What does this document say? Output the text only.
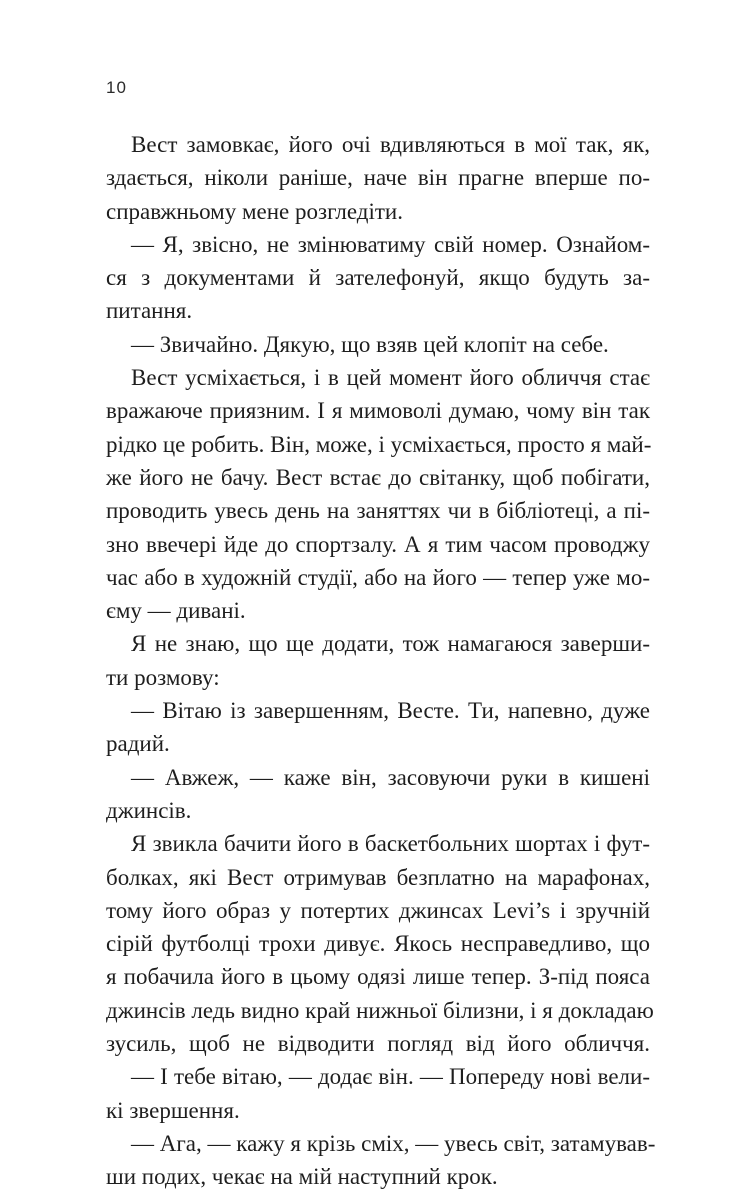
10
Вест замовкає, його очі вдивляються в мої так, як,
здається, ніколи раніше, наче він прагне вперше по-
справжньому мене розгледіти.
— Я, звісно, не змінюватиму свій номер. Ознайом-
ся з документами й зателефонуй, якщо будуть за-
питання.
— Звичайно. Дякую, що взяв цей клопіт на себе.
Вест усміхається, і в цей момент його обличчя стає
вражаюче приязним. І я мимоволі думаю, чому він так
рідко це робить. Він, може, і усміхається, просто я май-
же його не бачу. Вест встає до світанку, щоб побігати,
проводить увесь день на заняттях чи в бібліотеці, а пі-
зно ввечері йде до спортзалу. А я тим часом проводжу
час або в художній студії, або на його — тепер уже мо-
єму — дивані.
Я не знаю, що ще додати, тож намагаюся заверши-
ти розмову:
— Вітаю із завершенням, Весте. Ти, напевно, дуже
радий.
— Авжеж, — каже він, засовуючи руки в кишені
джинсів.
Я звикла бачити його в баскетбольних шортах і фут-
болках, які Вест отримував безплатно на марафонах,
тому його образ у потертих джинсах Levi’s і зручній
сірій футболці трохи дивує. Якось несправедливо, що
я побачила його в цьому одязі лише тепер. З-під пояса
джинсів ледь видно край нижньої білизни, і я докладаю
зусиль, щоб не відводити погляд від його обличчя.
— І тебе вітаю, — додає він. — Попереду нові вели-
кі звершення.
— Ага, — кажу я крізь сміх, — увесь світ, затамував-
ши подих, чекає на мій наступний крок.
